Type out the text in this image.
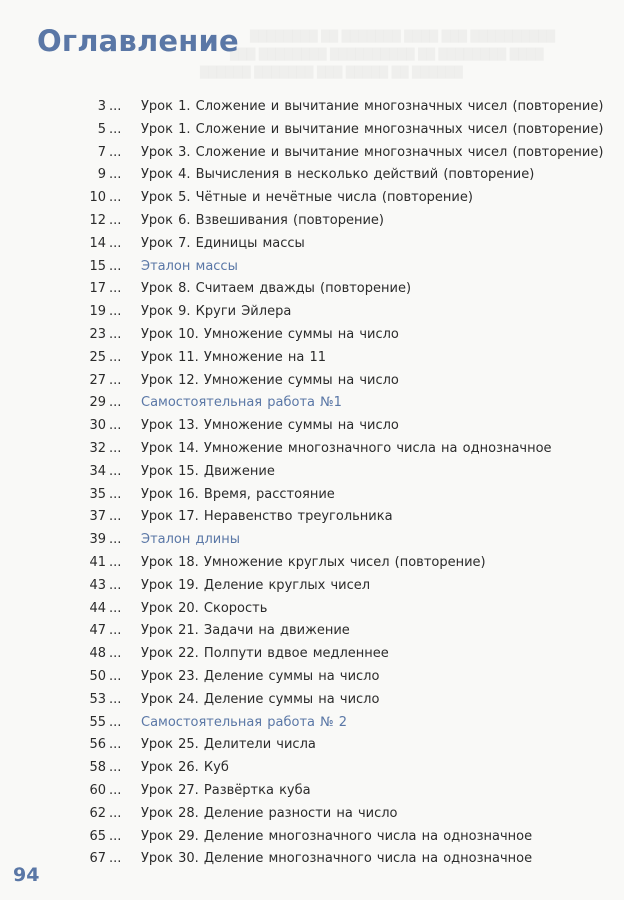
████████ ██ ███████ ████ ███ ██████████
███ ████████ ██████████ ██ ████████ ████
██████ ███████ ███ █████ ██ ██████
Оглавление
3 ... Урок 1. Сложение и вычитание многозначных чисел (повторение)
5 ... Урок 1. Сложение и вычитание многозначных чисел (повторение)
7 ... Урок 3. Сложение и вычитание многозначных чисел (повторение)
9 ... Урок 4. Вычисления в несколько действий (повторение)
10 ... Урок 5. Чётные и нечётные числа (повторение)
12 ... Урок 6. Взвешивания (повторение)
14 ... Урок 7. Единицы массы
15 ... Эталон массы
17 ... Урок 8. Считаем дважды (повторение)
19 ... Урок 9. Круги Эйлера
23 ... Урок 10. Умножение суммы на число
25 ... Урок 11. Умножение на 11
27 ... Урок 12. Умножение суммы на число
29 ... Самостоятельная работа №1
30 ... Урок 13. Умножение суммы на число
32 ... Урок 14. Умножение многозначного числа на однозначное
34 ... Урок 15. Движение
35 ... Урок 16. Время, расстояние
37 ... Урок 17. Неравенство треугольника
39 ... Эталон длины
41 ... Урок 18. Умножение круглых чисел (повторение)
43 ... Урок 19. Деление круглых чисел
44 ... Урок 20. Скорость
47 ... Урок 21. Задачи на движение
48 ... Урок 22. Полпути вдвое медленнее
50 ... Урок 23. Деление суммы на число
53 ... Урок 24. Деление суммы на число
55 ... Самостоятельная работа № 2
56 ... Урок 25. Делители числа
58 ... Урок 26. Куб
60 ... Урок 27. Развёртка куба
62 ... Урок 28. Деление разности на число
65 ... Урок 29. Деление многозначного числа на однозначное
67 ... Урок 30. Деление многозначного числа на однозначное
94
